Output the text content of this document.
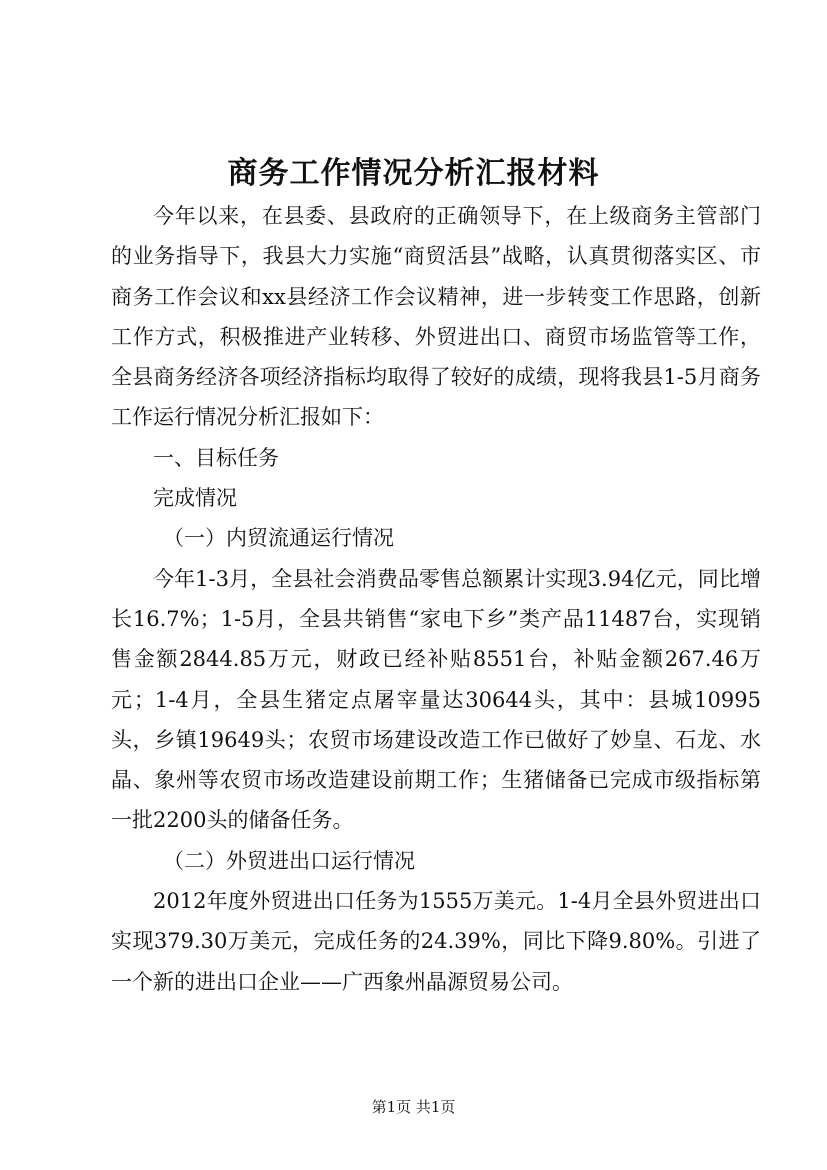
商务工作情况分析汇报材料

今年以来，在县委、县政府的正确领导下，在上级商务主管部门的业务指导下，我县大力实施“商贸活县”战略，认真贯彻落实区、市商务工作会议和xx县经济工作会议精神，进一步转变工作思路，创新工作方式，积极推进产业转移、外贸进出口、商贸市场监管等工作，全县商务经济各项经济指标均取得了较好的成绩，现将我县1-5月商务工作运行情况分析汇报如下：

一、目标任务

完成情况

（一）内贸流通运行情况

今年1-3月，全县社会消费品零售总额累计实现3.94亿元，同比增长16.7%；1-5月，全县共销售“家电下乡”类产品11487台，实现销售金额2844.85万元，财政已经补贴8551台，补贴金额267.46万元；1-4月，全县生猪定点屠宰量达30644头，其中：县城10995头，乡镇19649头；农贸市场建设改造工作已做好了妙皇、石龙、水晶、象州等农贸市场改造建设前期工作；生猪储备已完成市级指标第一批2200头的储备任务。

（二）外贸进出口运行情况

2012年度外贸进出口任务为1555万美元。1-4月全县外贸进出口实现379.30万美元，完成任务的24.39%，同比下降9.80%。引进了一个新的进出口企业——广西象州晶源贸易公司。

第1页 共1页
